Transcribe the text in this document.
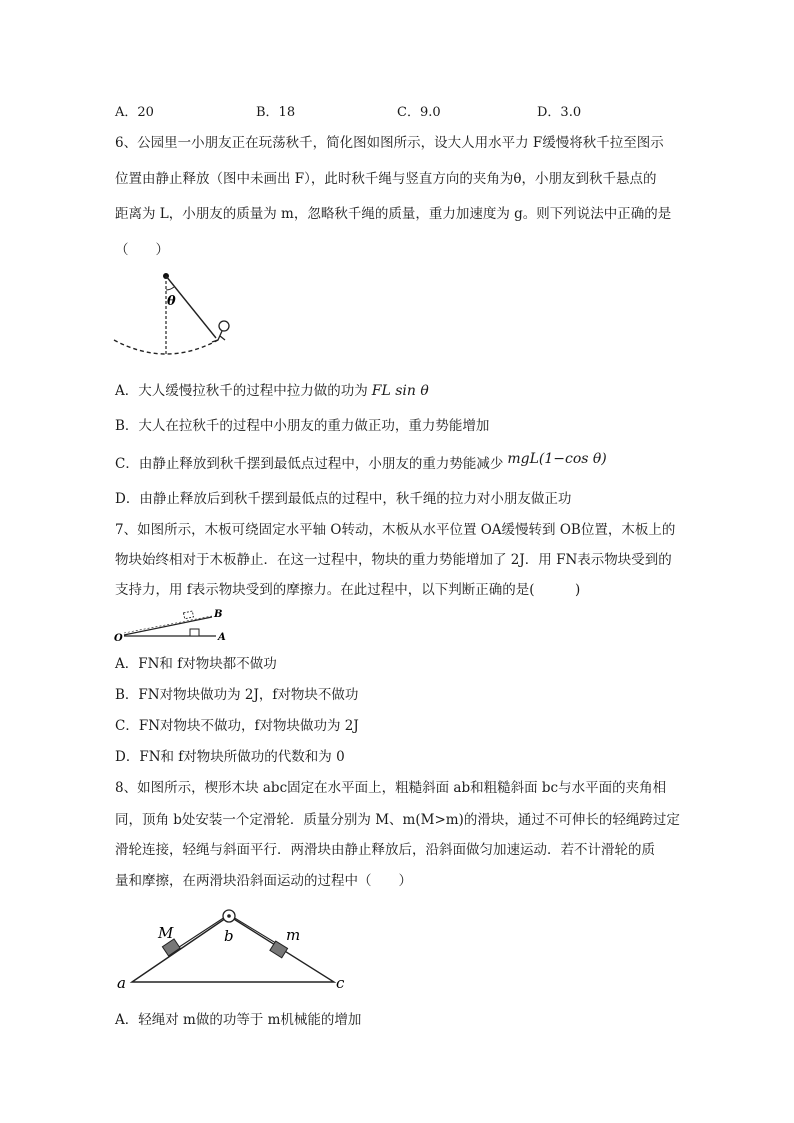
A．20	B．18	C．9.0	D．3.0
6、公园里一小朋友正在玩荡秋千，简化图如图所示，设大人用水平力 F缓慢将秋千拉至图示
位置由静止释放（图中未画出 F），此时秋千绳与竖直方向的夹角为θ，小朋友到秋千悬点的
距离为 L，小朋友的质量为 m，忽略秋千绳的质量，重力加速度为 g。则下列说法中正确的是
（　　）
θ
A．大人缓慢拉秋千的过程中拉力做的功为 FL sin θ
B．大人在拉秋千的过程中小朋友的重力做正功，重力势能增加
C．由静止释放到秋千摆到最低点过程中，小朋友的重力势能减少 mgL(1−cos θ)
D．由静止释放后到秋千摆到最低点的过程中，秋千绳的拉力对小朋友做正功
7、如图所示，木板可绕固定水平轴 O转动，木板从水平位置 OA缓慢转到 OB位置，木板上的
物块始终相对于木板静止．在这一过程中，物块的重力势能增加了 2J．用 FN表示物块受到的
支持力，用 f表示物块受到的摩擦力。在此过程中，以下判断正确的是(　　　)
O	A
B
A．FN和 f对物块都不做功
B．FN对物块做功为 2J，f对物块不做功
C．FN对物块不做功，f对物块做功为 2J
D．FN和 f对物块所做功的代数和为 0
8、如图所示，楔形木块 abc固定在水平面上，粗糙斜面 ab和粗糙斜面 bc与水平面的夹角相
同，顶角 b处安装一个定滑轮．质量分别为 M、m(M>m)的滑块，通过不可伸长的轻绳跨过定
滑轮连接，轻绳与斜面平行．两滑块由静止释放后，沿斜面做匀加速运动．若不计滑轮的质
量和摩擦，在两滑块沿斜面运动的过程中（　　）
M	m
b
a	c
A．轻绳对 m做的功等于 m机械能的增加
